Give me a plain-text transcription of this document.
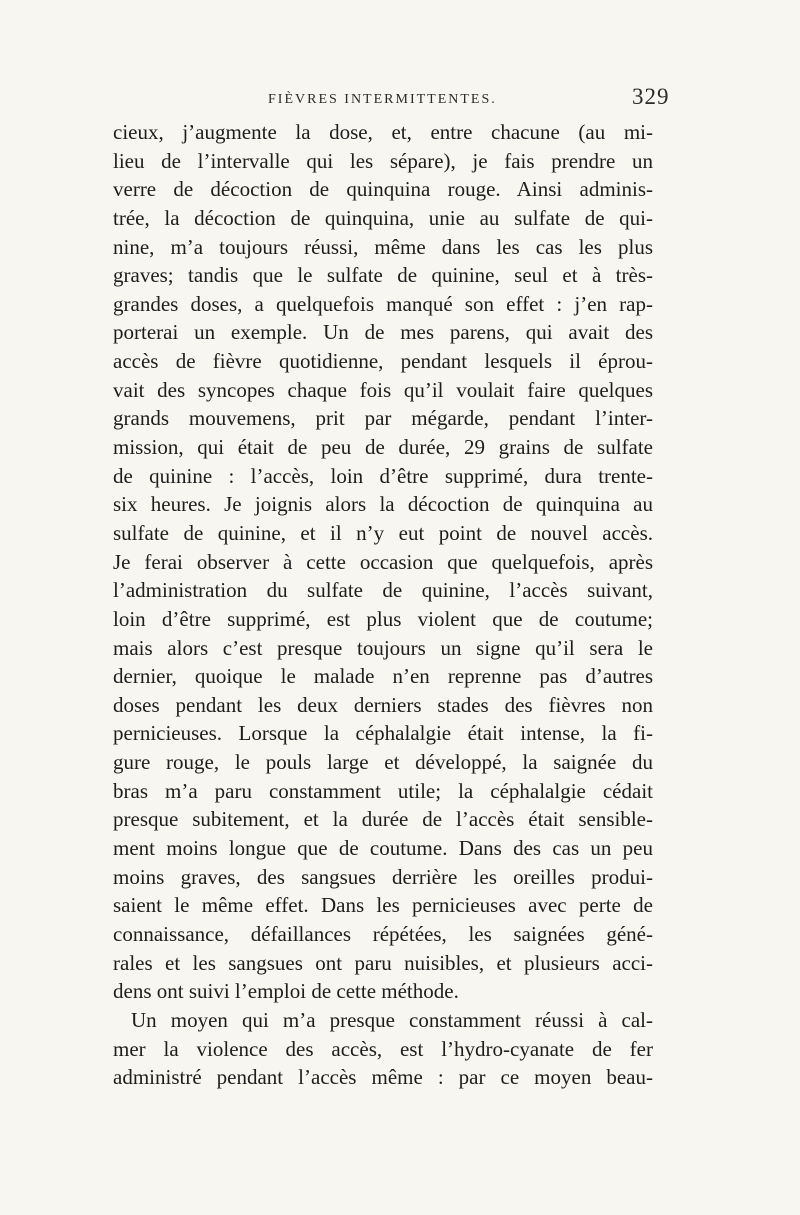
FIÈVRES INTERMITTENTES.	329
cieux, j’augmente la dose, et, entre chacune (au mi-
lieu de l’intervalle qui les sépare), je fais prendre un
verre de décoction de quinquina rouge. Ainsi adminis-
trée, la décoction de quinquina, unie au sulfate de qui-
nine, m’a toujours réussi, même dans les cas les plus
graves; tandis que le sulfate de quinine, seul et à très-
grandes doses, a quelquefois manqué son effet : j’en rap-
porterai un exemple. Un de mes parens, qui avait des
accès de fièvre quotidienne, pendant lesquels il éprou-
vait des syncopes chaque fois qu’il voulait faire quelques
grands mouvemens, prit par mégarde, pendant l’inter-
mission, qui était de peu de durée, 29 grains de sulfate
de quinine : l’accès, loin d’être supprimé, dura trente-
six heures. Je joignis alors la décoction de quinquina au
sulfate de quinine, et il n’y eut point de nouvel accès.
Je ferai observer à cette occasion que quelquefois, après
l’administration du sulfate de quinine, l’accès suivant,
loin d’être supprimé, est plus violent que de coutume;
mais alors c’est presque toujours un signe qu’il sera le
dernier, quoique le malade n’en reprenne pas d’autres
doses pendant les deux derniers stades des fièvres non
pernicieuses. Lorsque la céphalalgie était intense, la fi-
gure rouge, le pouls large et développé, la saignée du
bras m’a paru constamment utile; la céphalalgie cédait
presque subitement, et la durée de l’accès était sensible-
ment moins longue que de coutume. Dans des cas un peu
moins graves, des sangsues derrière les oreilles produi-
saient le même effet. Dans les pernicieuses avec perte de
connaissance, défaillances répétées, les saignées géné-
rales et les sangsues ont paru nuisibles, et plusieurs acci-
dens ont suivi l’emploi de cette méthode.
Un moyen qui m’a presque constamment réussi à cal-
mer la violence des accès, est l’hydro-cyanate de fer
administré pendant l’accès même : par ce moyen beau-
